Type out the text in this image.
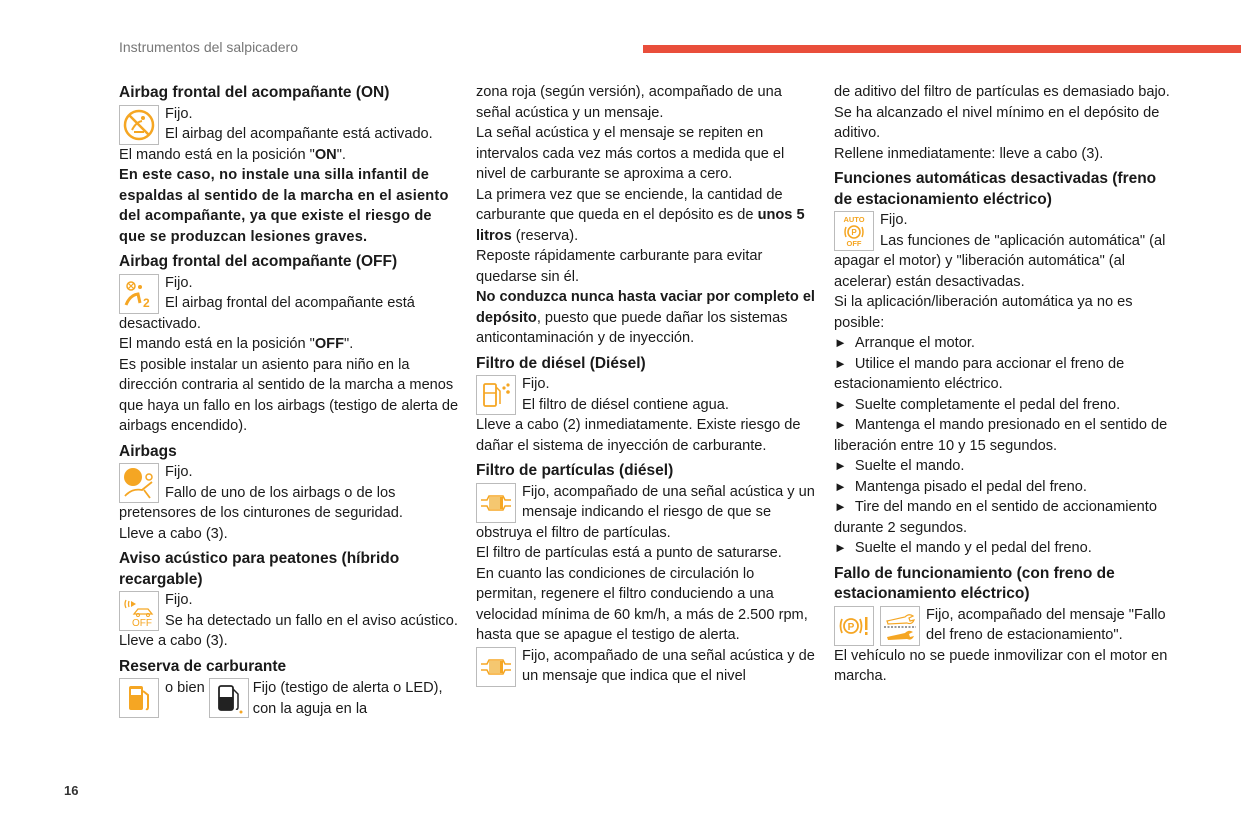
Instrumentos del salpicadero
16
Airbag frontal del acompañante (ON)

Fijo.

El airbag del acompañante está activado.

El mando está en la posición "ON".

En este caso, no instale una silla infantil de espaldas al sentido de la marcha en el asiento del acompañante, ya que existe el riesgo de que se produzcan lesiones graves.

Airbag frontal del acompañante (OFF)
2

Fijo.

El airbag frontal del acompañante está desactivado.

El mando está en la posición "OFF".

Es posible instalar un asiento para niño en la dirección contraria al sentido de la marcha a menos que haya un fallo en los airbags (testigo de alerta de airbags encendido).

Airbags

Fijo.

Fallo de uno de los airbags o de los pretensores de los cinturones de seguridad.

Lleve a cabo (3).

Aviso acústico para peatones (híbrido recargable)
OFF

Fijo.

Se ha detectado un fallo en el aviso acústico.

Lleve a cabo (3).

Reserva de carburante
o bien	Fijo (testigo de alerta o LED), con la aguja en la

zona roja (según versión), acompañado de una señal acústica y un mensaje.

La señal acústica y el mensaje se repiten en intervalos cada vez más cortos a medida que el nivel de carburante se aproxima a cero.

La primera vez que se enciende, la cantidad de carburante que queda en el depósito es de unos 5 litros (reserva).

Reposte rápidamente carburante para evitar quedarse sin él.

No conduzca nunca hasta vaciar por completo el depósito, puesto que puede dañar los sistemas anticontaminación y de inyección.

Filtro de diésel (Diésel)

Fijo.

El filtro de diésel contiene agua.

Lleve a cabo (2) inmediatamente. Existe riesgo de dañar el sistema de inyección de carburante.

Filtro de partículas (diésel)

Fijo, acompañado de una señal acústica y un mensaje indicando el riesgo de que se obstruya el filtro de partículas.

El filtro de partículas está a punto de saturarse.

En cuanto las condiciones de circulación lo permitan, regenere el filtro conduciendo a una velocidad mínima de 60 km/h, a más de 2.500 rpm, hasta que se apague el testigo de alerta.

Fijo, acompañado de una señal acústica y de un mensaje que indica que el nivel

de aditivo del filtro de partículas es demasiado bajo.

Se ha alcanzado el nivel mínimo en el depósito de aditivo.

Rellene inmediatamente: lleve a cabo (3).

Funciones automáticas desactivadas (freno de estacionamiento eléctrico)
AUTO
P
OFF

Fijo.

Las funciones de "aplicación automática" (al apagar el motor) y "liberación automática" (al acelerar) están desactivadas.

Si la aplicación/liberación automática ya no es posible:

► Arranque el motor.

► Utilice el mando para accionar el freno de estacionamiento eléctrico.

► Suelte completamente el pedal del freno.

► Mantenga el mando presionado en el sentido de liberación entre 10 y 15 segundos.

► Suelte el mando.

► Mantenga pisado el pedal del freno.

► Tire del mando en el sentido de accionamiento durante 2 segundos.

► Suelte el mando y el pedal del freno.

Fallo de funcionamiento (con freno de estacionamiento eléctrico)
P

Fijo, acompañado del mensaje "Fallo del freno de estacionamiento".

El vehículo no se puede inmovilizar con el motor en marcha.
